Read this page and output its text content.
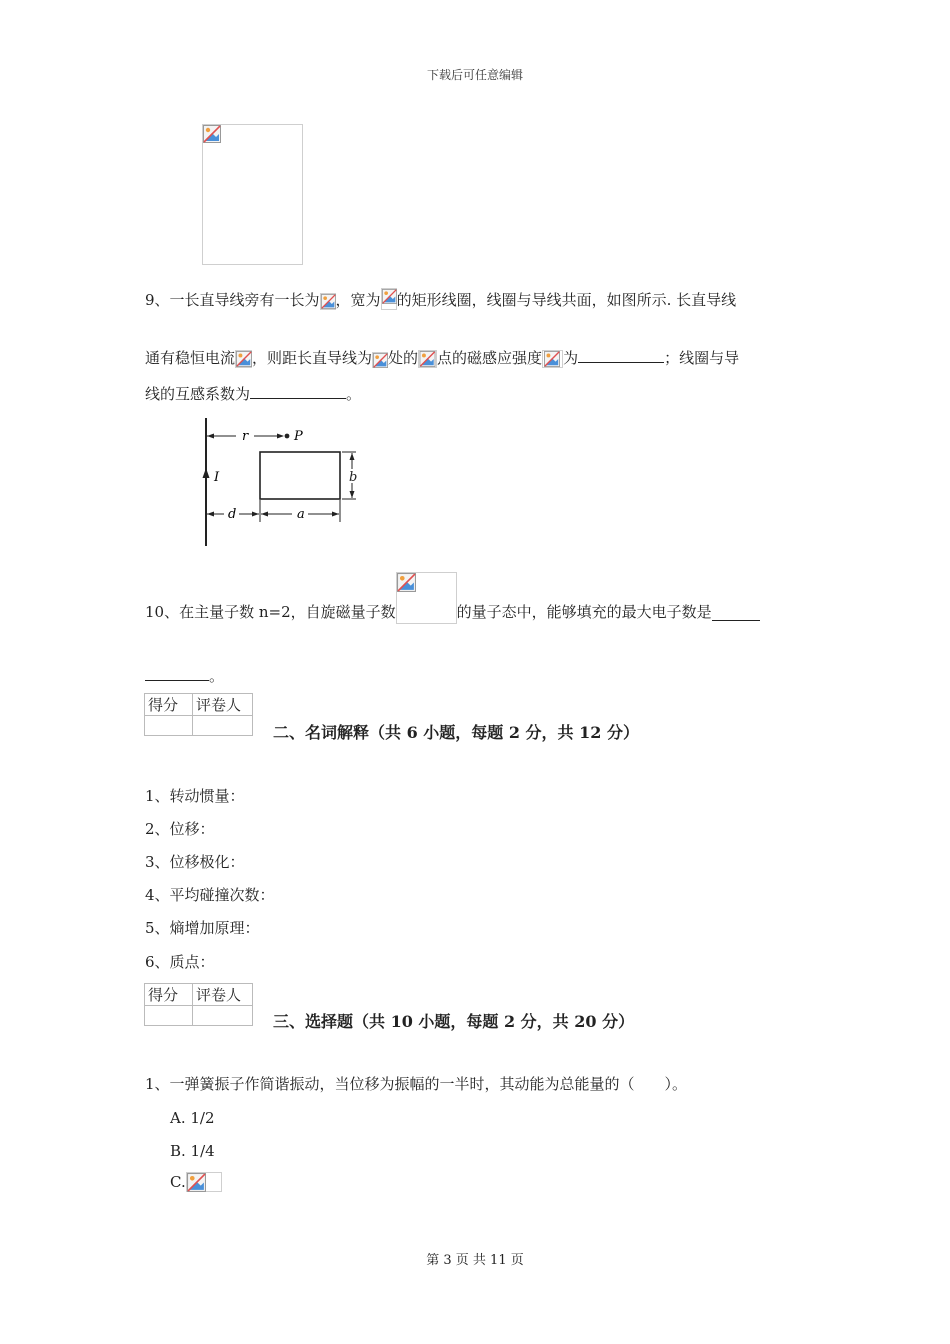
下载后可任意编辑
9、一长直导线旁有一长为 ，宽为 的矩形线圈，线圈与导线共面，如图所示. 长直导线
通有稳恒电流 ，则距长直导线为 处的 点的磁感应强度 为	；线圈与导
线的互感系数为	。
I
r	P
b
d	a
10、在主量子数 n=2，自旋磁量子数	的量子态中，能够填充的最大电子数是
。
得分	评卷人

二、名词解释（共 6 小题，每题 2 分，共 12 分）
1、转动惯量：
2、位移：
3、位移极化：
4、平均碰撞次数：
5、熵增加原理：
6、质点：
得分	评卷人

三、选择题（共 10 小题，每题 2 分，共 20 分）
1、一弹簧振子作简谐振动，当位移为振幅的一半时，其动能为总能量的（　　）。
A. 1/2
B. 1/4
C.
第 3 页 共 11 页
